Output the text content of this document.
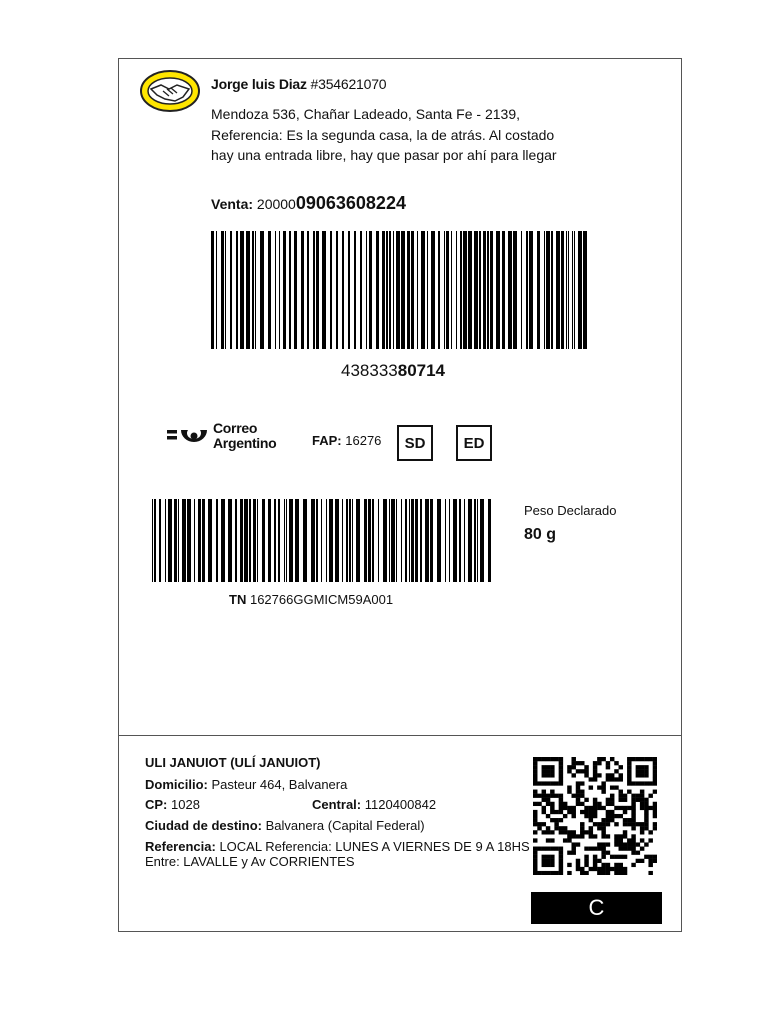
Jorge luis Diaz #354621070
Mendoza 536, Chañar Ladeado, Santa Fe - 2139, Referencia: Es la segunda casa, la de atrás. Al costado hay una entrada libre, hay que pasar por ahí para llegar
Venta: 2000009063608224
43833380714
Correo
Argentino	FAP: 16276	SD	ED
TN 162766GGMICM59A001
Peso Declarado
80 g
ULI JANUIOT (ULÍ JANUIOT)
Domicilio: Pasteur 464, Balvanera
CP: 1028	Central: 1120400842
Ciudad de destino: Balvanera (Capital Federal)
Referencia: LOCAL Referencia: LUNES A VIERNES DE 9 A 18HS Entre: LAVALLE y Av CORRIENTES
C
